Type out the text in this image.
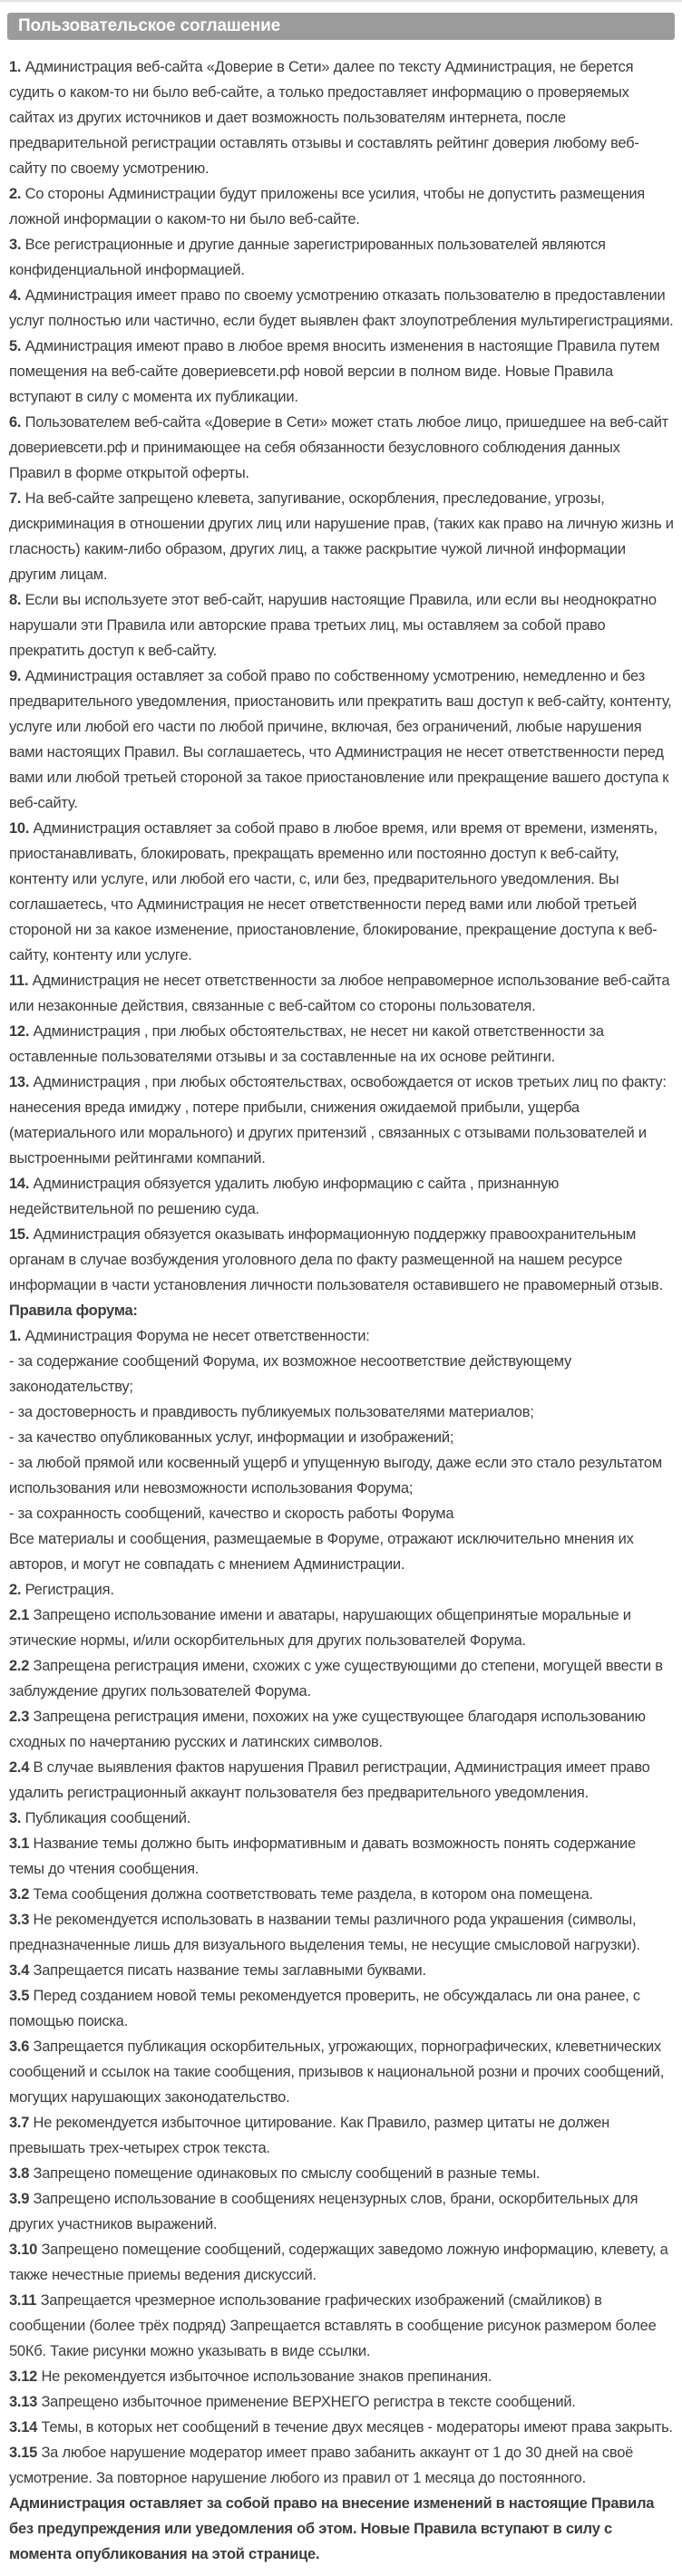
Пользовательское соглашение

1. Администрация веб-сайта «Доверие в Сети» далее по тексту Администрация, не берется судить о каком-то ни было веб-сайте, а только предоставляет информацию о проверяемых сайтах из других источников и дает возможность пользователям интернета, после предварительной регистрации оставлять отзывы и составлять рейтинг доверия любому веб-сайту по своему усмотрению.

2. Со стороны Администрации будут приложены все усилия, чтобы не допустить размещения ложной информации о каком-то ни было веб-сайте.

3. Все регистрационные и другие данные зарегистрированных пользователей являются конфиденциальной информацией.

4. Администрация имеет право по своему усмотрению отказать пользователю в предоставлении услуг полностью или частично, если будет выявлен факт злоупотребления мультирегистрациями.

5. Администрация имеют право в любое время вносить изменения в настоящие Правила путем помещения на веб-сайте довериевсети.рф новой версии в полном виде. Новые Правила вступают в силу с момента их публикации.

6. Пользователем веб-сайта «Доверие в Сети» может стать любое лицо, пришедшее на веб-сайт довериевсети.рф и принимающее на себя обязанности безусловного соблюдения данных Правил в форме открытой оферты.

7. На веб-сайте запрещено клевета, запугивание, оскорбления, преследование, угрозы, дискриминация в отношении других лиц или нарушение прав, (таких как право на личную жизнь и гласность) каким-либо образом, других лиц, а также раскрытие чужой личной информации другим лицам.

8. Если вы используете этот веб-сайт, нарушив настоящие Правила, или если вы неоднократно нарушали эти Правила или авторские права третьих лиц, мы оставляем за собой право прекратить доступ к веб-сайту.

9. Администрация оставляет за собой право по собственному усмотрению, немедленно и без предварительного уведомления, приостановить или прекратить ваш доступ к веб-сайту, контенту, услуге или любой его части по любой причине, включая, без ограничений, любые нарушения вами настоящих Правил. Вы соглашаетесь, что Администрация не несет ответственности перед вами или любой третьей стороной за такое приостановление или прекращение вашего доступа к веб-сайту.

10. Администрация оставляет за собой право в любое время, или время от времени, изменять, приостанавливать, блокировать, прекращать временно или постоянно доступ к веб-сайту, контенту или услуге, или любой его части, с, или без, предварительного уведомления. Вы соглашаетесь, что Администрация не несет ответственности перед вами или любой третьей стороной ни за какое изменение, приостановление, блокирование, прекращение доступа к веб-сайту, контенту или услуге.

11. Администрация не несет ответственности за любое неправомерное использование веб-сайта или незаконные действия, связанные с веб-сайтом со стороны пользователя.

12. Администрация , при любых обстоятельствах, не несет ни какой ответственности за оставленные пользователями отзывы и за составленные на их основе рейтинги.

13. Администрация , при любых обстоятельствах, освобождается от исков третьих лиц по факту: нанесения вреда имиджу , потере прибыли, снижения ожидаемой прибыли, ущерба (материального или морального) и других притензий , связанных с отзывами пользователей и выстроенными рейтингами компаний.

14. Администрация обязуется удалить любую информацию с сайта , признанную недействительной по решению суда.

15. Администрация обязуется оказывать информационную поддержку правоохранительным органам в случае возбуждения уголовного дела по факту размещенной на нашем ресурсе информации в части установления личности пользователя оставившего не правомерный отзыв.

Правила форума:

1. Администрация Форума не несет ответственности:

- за содержание сообщений Форума, их возможное несоответствие действующему законодательству;

- за достоверность и правдивость публикуемых пользователями материалов;

- за качество опубликованных услуг, информации и изображений;

- за любой прямой или косвенный ущерб и упущенную выгоду, даже если это стало результатом использования или невозможности использования Форума;

- за сохранность сообщений, качество и скорость работы Форума

Все материалы и сообщения, размещаемые в Форуме, отражают исключительно мнения их авторов, и могут не совпадать с мнением Администрации.

2. Регистрация.

2.1 Запрещено использование имени и аватары, нарушающих общепринятые моральные и этические нормы, и/или оскорбительных для других пользователей Форума.

2.2 Запрещена регистрация имени, схожих с уже существующими до степени, могущей ввести в заблуждение других пользователей Форума.

2.3 Запрещена регистрация имени, похожих на уже существующее благодаря использованию сходных по начертанию русских и латинских символов.

2.4 В случае выявления фактов нарушения Правил регистрации, Администрация имеет право удалить регистрационный аккаунт пользователя без предварительного уведомления.

3. Публикация сообщений.

3.1 Название темы должно быть информативным и давать возможность понять содержание темы до чтения сообщения.

3.2 Тема сообщения должна соответствовать теме раздела, в котором она помещена.

3.3 Не рекомендуется использовать в названии темы различного рода украшения (символы, предназначенные лишь для визуального выделения темы, не несущие смысловой нагрузки).

3.4 Запрещается писать название темы заглавными буквами.

3.5 Перед созданием новой темы рекомендуется проверить, не обсуждалась ли она ранее, с помощью поиска.

3.6 Запрещается публикация оскорбительных, угрожающих, порнографических, клеветнических сообщений и ссылок на такие сообщения, призывов к национальной розни и прочих сообщений, могущих нарушающих законодательство.

3.7 Не рекомендуется избыточное цитирование. Как Правило, размер цитаты не должен превышать трех-четырех строк текста.

3.8 Запрещено помещение одинаковых по смыслу сообщений в разные темы.

3.9 Запрещено использование в сообщениях нецензурных слов, брани, оскорбительных для других участников выражений.

3.10 Запрещено помещение сообщений, содержащих заведомо ложную информацию, клевету, а также нечестные приемы ведения дискуссий.

3.11 Запрещается чрезмерное использование графических изображений (смайликов) в сообщении (более трёх подряд) Запрещается вставлять в сообщение рисунок размером более 50Кб. Такие рисунки можно указывать в виде ссылки.

3.12 Не рекомендуется избыточное использование знаков препинания.

3.13 Запрещено избыточное применение ВЕРХНЕГО регистра в тексте сообщений.

3.14 Темы, в которых нет сообщений в течение двух месяцев - модераторы имеют права закрыть.

3.15 За любое нарушение модератор имеет право забанить аккаунт от 1 до 30 дней на своё усмотрение. За повторное нарушение любого из правил от 1 месяца до постоянного.

Администрация оставляет за собой право на внесение изменений в настоящие Правила без предупреждения или уведомления об этом. Новые Правила вступают в силу с момента опубликования на этой странице.
